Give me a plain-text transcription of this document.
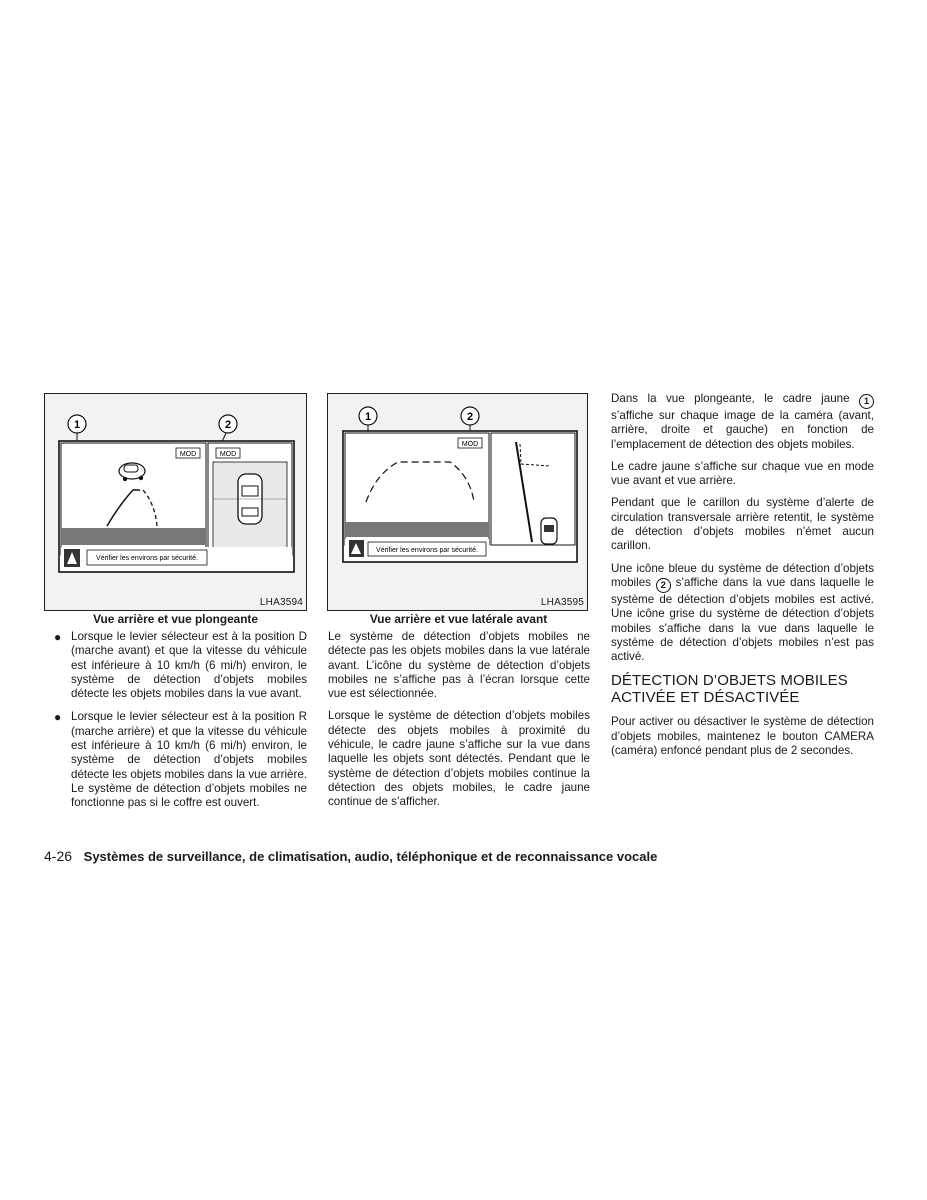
1	2
MOD	MOD
Vérifier les environs par sécurité.
LHA3594
Vue arrière et vue plongeante
1	2
MOD
Vérifier les environs par sécurité.
LHA3595
Vue arrière et vue latérale avant
● Lorsque le levier sélecteur est à la position D (marche avant) et que la vitesse du véhicule est inférieure à 10 km/h (6 mi/h) environ, le système de détection d’objets mobiles détecte les objets mobiles dans la vue avant.
● Lorsque le levier sélecteur est à la position R (marche arrière) et que la vitesse du véhicule est inférieure à 10 km/h (6 mi/h) environ, le système de détection d’objets mobiles détecte les objets mobiles dans la vue arrière. Le système de détection d’objets mobiles ne fonctionne pas si le coffre est ouvert.

Le système de détection d’objets mobiles ne détecte pas les objets mobiles dans la vue latérale avant. L’icône du système de détection d’objets mobiles ne s’affiche pas à l’écran lorsque cette vue est sélectionnée.

Lorsque le système de détection d’objets mobiles détecte des objets mobiles à proximité du véhicule, le cadre jaune s’affiche sur la vue dans laquelle les objets sont détectés. Pendant que le système de détection d’objets mobiles continue la détection des objets mobiles, le cadre jaune continue de s’afficher.

Dans la vue plongeante, le cadre jaune 1 s’affiche sur chaque image de la caméra (avant, arrière, droite et gauche) en fonction de l’emplacement de détection des objets mobiles.

Le cadre jaune s’affiche sur chaque vue en mode vue avant et vue arrière.

Pendant que le carillon du système d’alerte de circulation transversale arrière retentit, le système de détection d’objets mobiles n’émet aucun carillon.

Une icône bleue du système de détection d’objets mobiles 2 s’affiche dans la vue dans laquelle le système de détection d’objets mobiles est activé. Une icône grise du système de détection d’objets mobiles s’affiche dans la vue dans laquelle le système de détection d’objets mobiles n’est pas activé.

DÉTECTION D’OBJETS MOBILES
ACTIVÉE ET DÉSACTIVÉE

Pour activer ou désactiver le système de détection d’objets mobiles, maintenez le bouton CAMERA (caméra) enfoncé pendant plus de 2 secondes.

4-26 Systèmes de surveillance, de climatisation, audio, téléphonique et de reconnaissance vocale
